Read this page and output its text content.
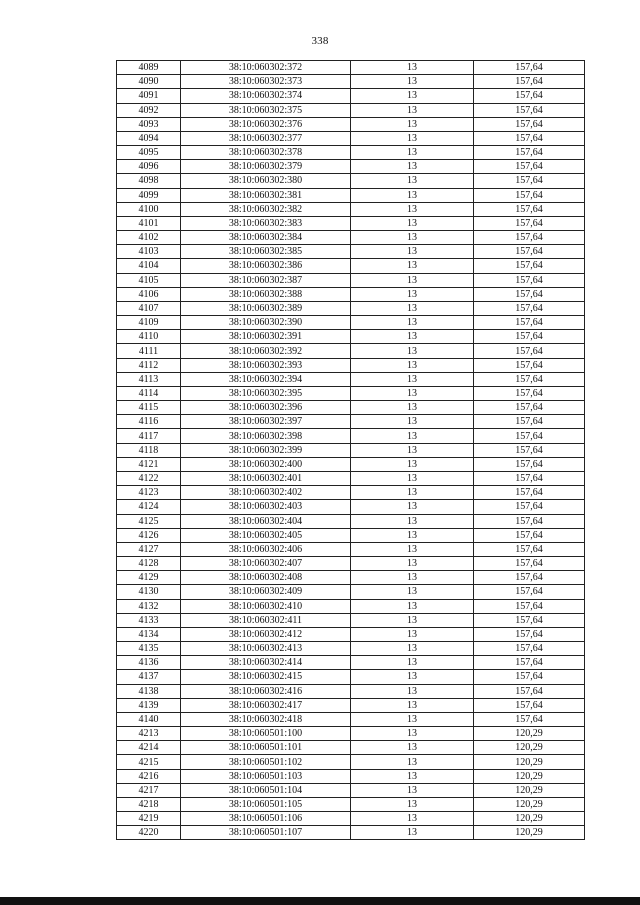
338
4089	38:10:060302:372	13	157,64
4090	38:10:060302:373	13	157,64
4091	38:10:060302:374	13	157,64
4092	38:10:060302:375	13	157,64
4093	38:10:060302:376	13	157,64
4094	38:10:060302:377	13	157,64
4095	38:10:060302:378	13	157,64
4096	38:10:060302:379	13	157,64
4098	38:10:060302:380	13	157,64
4099	38:10:060302:381	13	157,64
4100	38:10:060302:382	13	157,64
4101	38:10:060302:383	13	157,64
4102	38:10:060302:384	13	157,64
4103	38:10:060302:385	13	157,64
4104	38:10:060302:386	13	157,64
4105	38:10:060302:387	13	157,64
4106	38:10:060302:388	13	157,64
4107	38:10:060302:389	13	157,64
4109	38:10:060302:390	13	157,64
4110	38:10:060302:391	13	157,64
4111	38:10:060302:392	13	157,64
4112	38:10:060302:393	13	157,64
4113	38:10:060302:394	13	157,64
4114	38:10:060302:395	13	157,64
4115	38:10:060302:396	13	157,64
4116	38:10:060302:397	13	157,64
4117	38:10:060302:398	13	157,64
4118	38:10:060302:399	13	157,64
4121	38:10:060302:400	13	157,64
4122	38:10:060302:401	13	157,64
4123	38:10:060302:402	13	157,64
4124	38:10:060302:403	13	157,64
4125	38:10:060302:404	13	157,64
4126	38:10:060302:405	13	157,64
4127	38:10:060302:406	13	157,64
4128	38:10:060302:407	13	157,64
4129	38:10:060302:408	13	157,64
4130	38:10:060302:409	13	157,64
4132	38:10:060302:410	13	157,64
4133	38:10:060302:411	13	157,64
4134	38:10:060302:412	13	157,64
4135	38:10:060302:413	13	157,64
4136	38:10:060302:414	13	157,64
4137	38:10:060302:415	13	157,64
4138	38:10:060302:416	13	157,64
4139	38:10:060302:417	13	157,64
4140	38:10:060302:418	13	157,64
4213	38:10:060501:100	13	120,29
4214	38:10:060501:101	13	120,29
4215	38:10:060501:102	13	120,29
4216	38:10:060501:103	13	120,29
4217	38:10:060501:104	13	120,29
4218	38:10:060501:105	13	120,29
4219	38:10:060501:106	13	120,29
4220	38:10:060501:107	13	120,29
